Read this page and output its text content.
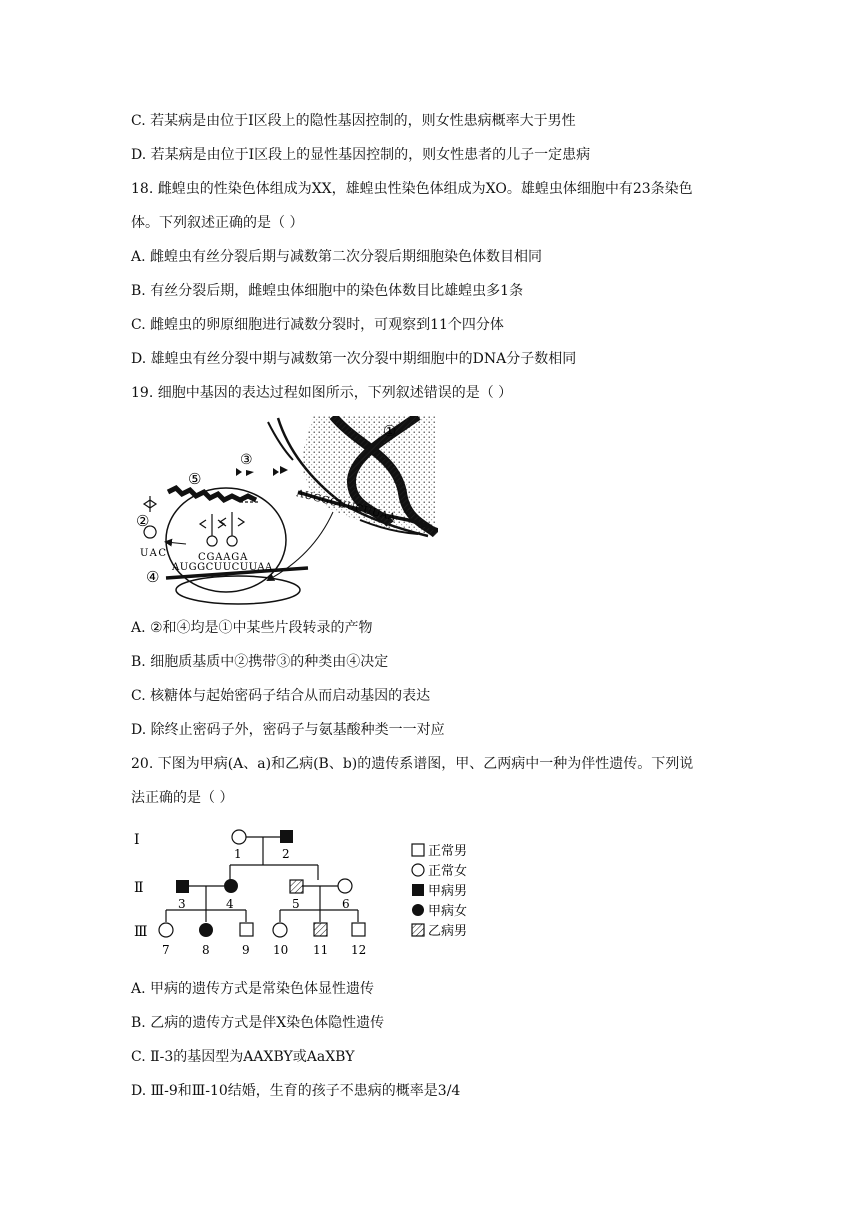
C. 若某病是由位于Ⅰ区段上的隐性基因控制的，则女性患病概率大于男性
D. 若某病是由位于Ⅰ区段上的显性基因控制的，则女性患者的儿子一定患病
18. 雌蝗虫的性染色体组成为XX，雄蝗虫性染色体组成为XO。雄蝗虫体细胞中有23条染色
体。下列叙述正确的是（ ）
A. 雌蝗虫有丝分裂后期与减数第二次分裂后期细胞染色体数目相同
B. 有丝分裂后期，雌蝗虫体细胞中的染色体数目比雄蝗虫多1条
C. 雌蝗虫的卵原细胞进行减数分裂时，可观察到11个四分体
D. 雄蝗虫有丝分裂中期与减数第一次分裂中期细胞中的DNA分子数相同
19. 细胞中基因的表达过程如图所示，下列叙述错误的是（ ）
①
AUGGCUUCUUAA
③
⑤
CGAAGA
②
UAC
④
AUGGCUUCUUAA
A. ②和④均是①中某些片段转录的产物
B. 细胞质基质中②携带③的种类由④决定
C. 核糖体与起始密码子结合从而启动基因的表达
D. 除终止密码子外，密码子与氨基酸种类一一对应
20. 下图为甲病(A、a)和乙病(B、b)的遗传系谱图，甲、乙两病中一种为伴性遗传。下列说
法正确的是（ ）
Ⅰ
Ⅱ
Ⅲ
1	2
3	4	5	6
7	8	9 10 11 12
正常男
正常女
甲病男
甲病女
乙病男
A. 甲病的遗传方式是常染色体显性遗传
B. 乙病的遗传方式是伴X染色体隐性遗传
C. Ⅱ-3的基因型为AAXBY或AaXBY
D. Ⅲ-9和Ⅲ-10结婚，生育的孩子不患病的概率是3/4
